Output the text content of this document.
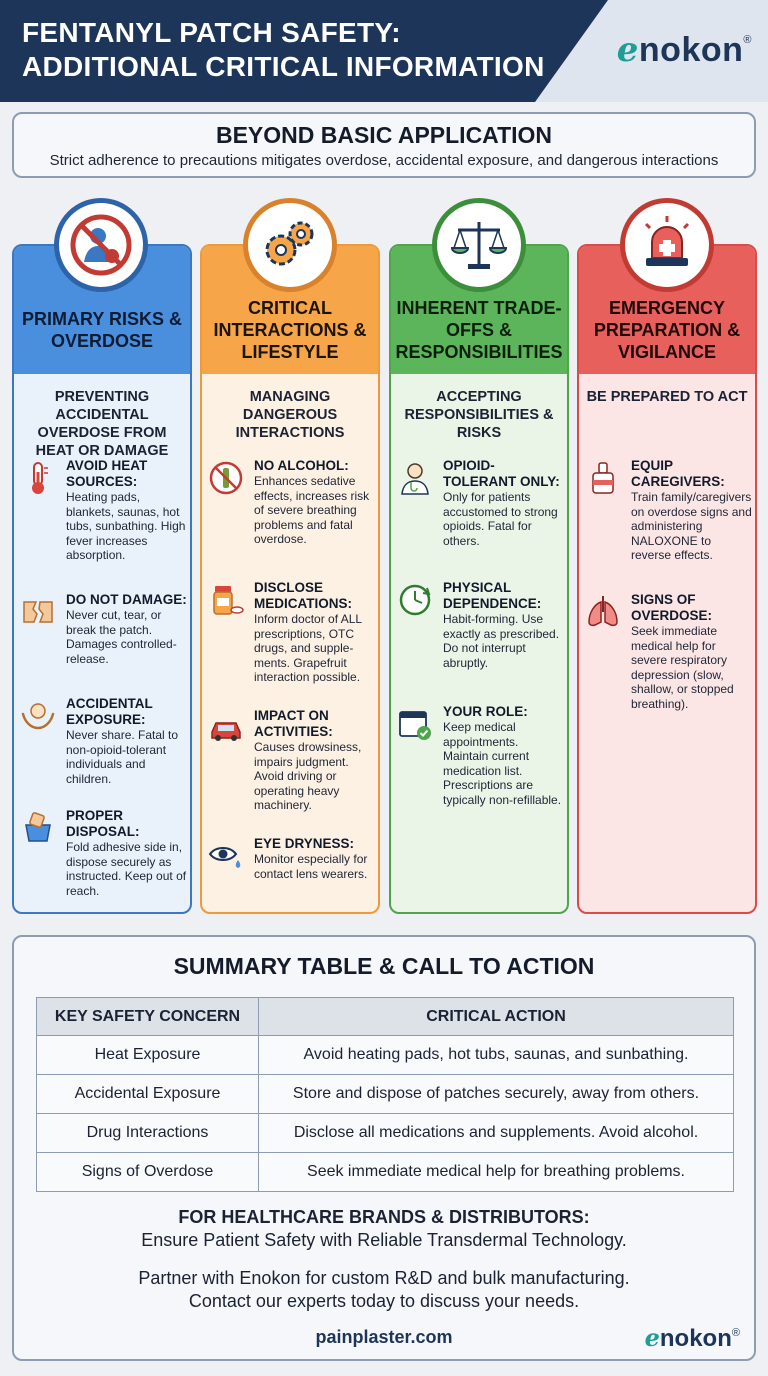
FENTANYL PATCH SAFETY:
ADDITIONAL CRITICAL INFORMATION	enokon®
BEYOND BASIC APPLICATION

Strict adherence to precautions mitigates overdose, accidental exposure, and dangerous interactions

PRIMARY RISKS & OVERDOSE
PREVENTING ACCIDENTAL OVERDOSE FROM HEAT OR DAMAGE
AVOID HEAT SOURCES:
Heating pads, blankets, saunas, hot tubs, sunbathing. High fever increases absorption.
DO NOT DAMAGE:
Never cut, tear, or break the patch. Damages controlled-release.
ACCIDENTAL EXPOSURE:
Never share. Fatal to non-opioid-tolerant individuals and children.
PROPER DISPOSAL:
Fold adhesive side in, dispose securely as instructed. Keep out of reach.
CRITICAL INTERACTIONS & LIFESTYLE
MANAGING DANGEROUS INTERACTIONS
NO ALCOHOL:
Enhances sedative effects, increases risk of severe breathing problems and fatal overdose.
DISCLOSE MEDICATIONS:
Inform doctor of ALL prescriptions, OTC drugs, and supple-ments. Grapefruit interaction possible.
IMPACT ON ACTIVITIES:
Causes drowsiness, impairs judgment. Avoid driving or operating heavy machinery.
EYE DRYNESS:
Monitor especially for contact lens wearers.
INHERENT TRADE-OFFS & RESPONSIBILITIES
ACCEPTING RESPONSIBILITIES & RISKS
OPIOID-TOLERANT ONLY:
Only for patients accustomed to strong opioids. Fatal for others.
PHYSICAL DEPENDENCE:
Habit-forming. Use exactly as prescribed. Do not interrupt abruptly.
YOUR ROLE:
Keep medical appointments. Maintain current medication list. Prescriptions are typically non-refillable.
EMERGENCY PREPARATION & VIGILANCE
BE PREPARED TO ACT
EQUIP CAREGIVERS:
Train family/caregivers on overdose signs and administering NALOXONE to reverse effects.
SIGNS OF OVERDOSE:
Seek immediate medical help for severe respiratory depression (slow, shallow, or stopped breathing).
SUMMARY TABLE & CALL TO ACTION
KEY SAFETY CONCERN	CRITICAL ACTION
Heat Exposure	Avoid heating pads, hot tubs, saunas, and sunbathing.
Accidental Exposure	Store and dispose of patches securely, away from others.
Drug Interactions	Disclose all medications and supplements. Avoid alcohol.
Signs of Overdose	Seek immediate medical help for breathing problems.
FOR HEALTHCARE BRANDS & DISTRIBUTORS:
Ensure Patient Safety with Reliable Transdermal Technology.
Partner with Enokon for custom R&D and bulk manufacturing.
Contact our experts today to discuss your needs.
painplaster.com	enokon®
